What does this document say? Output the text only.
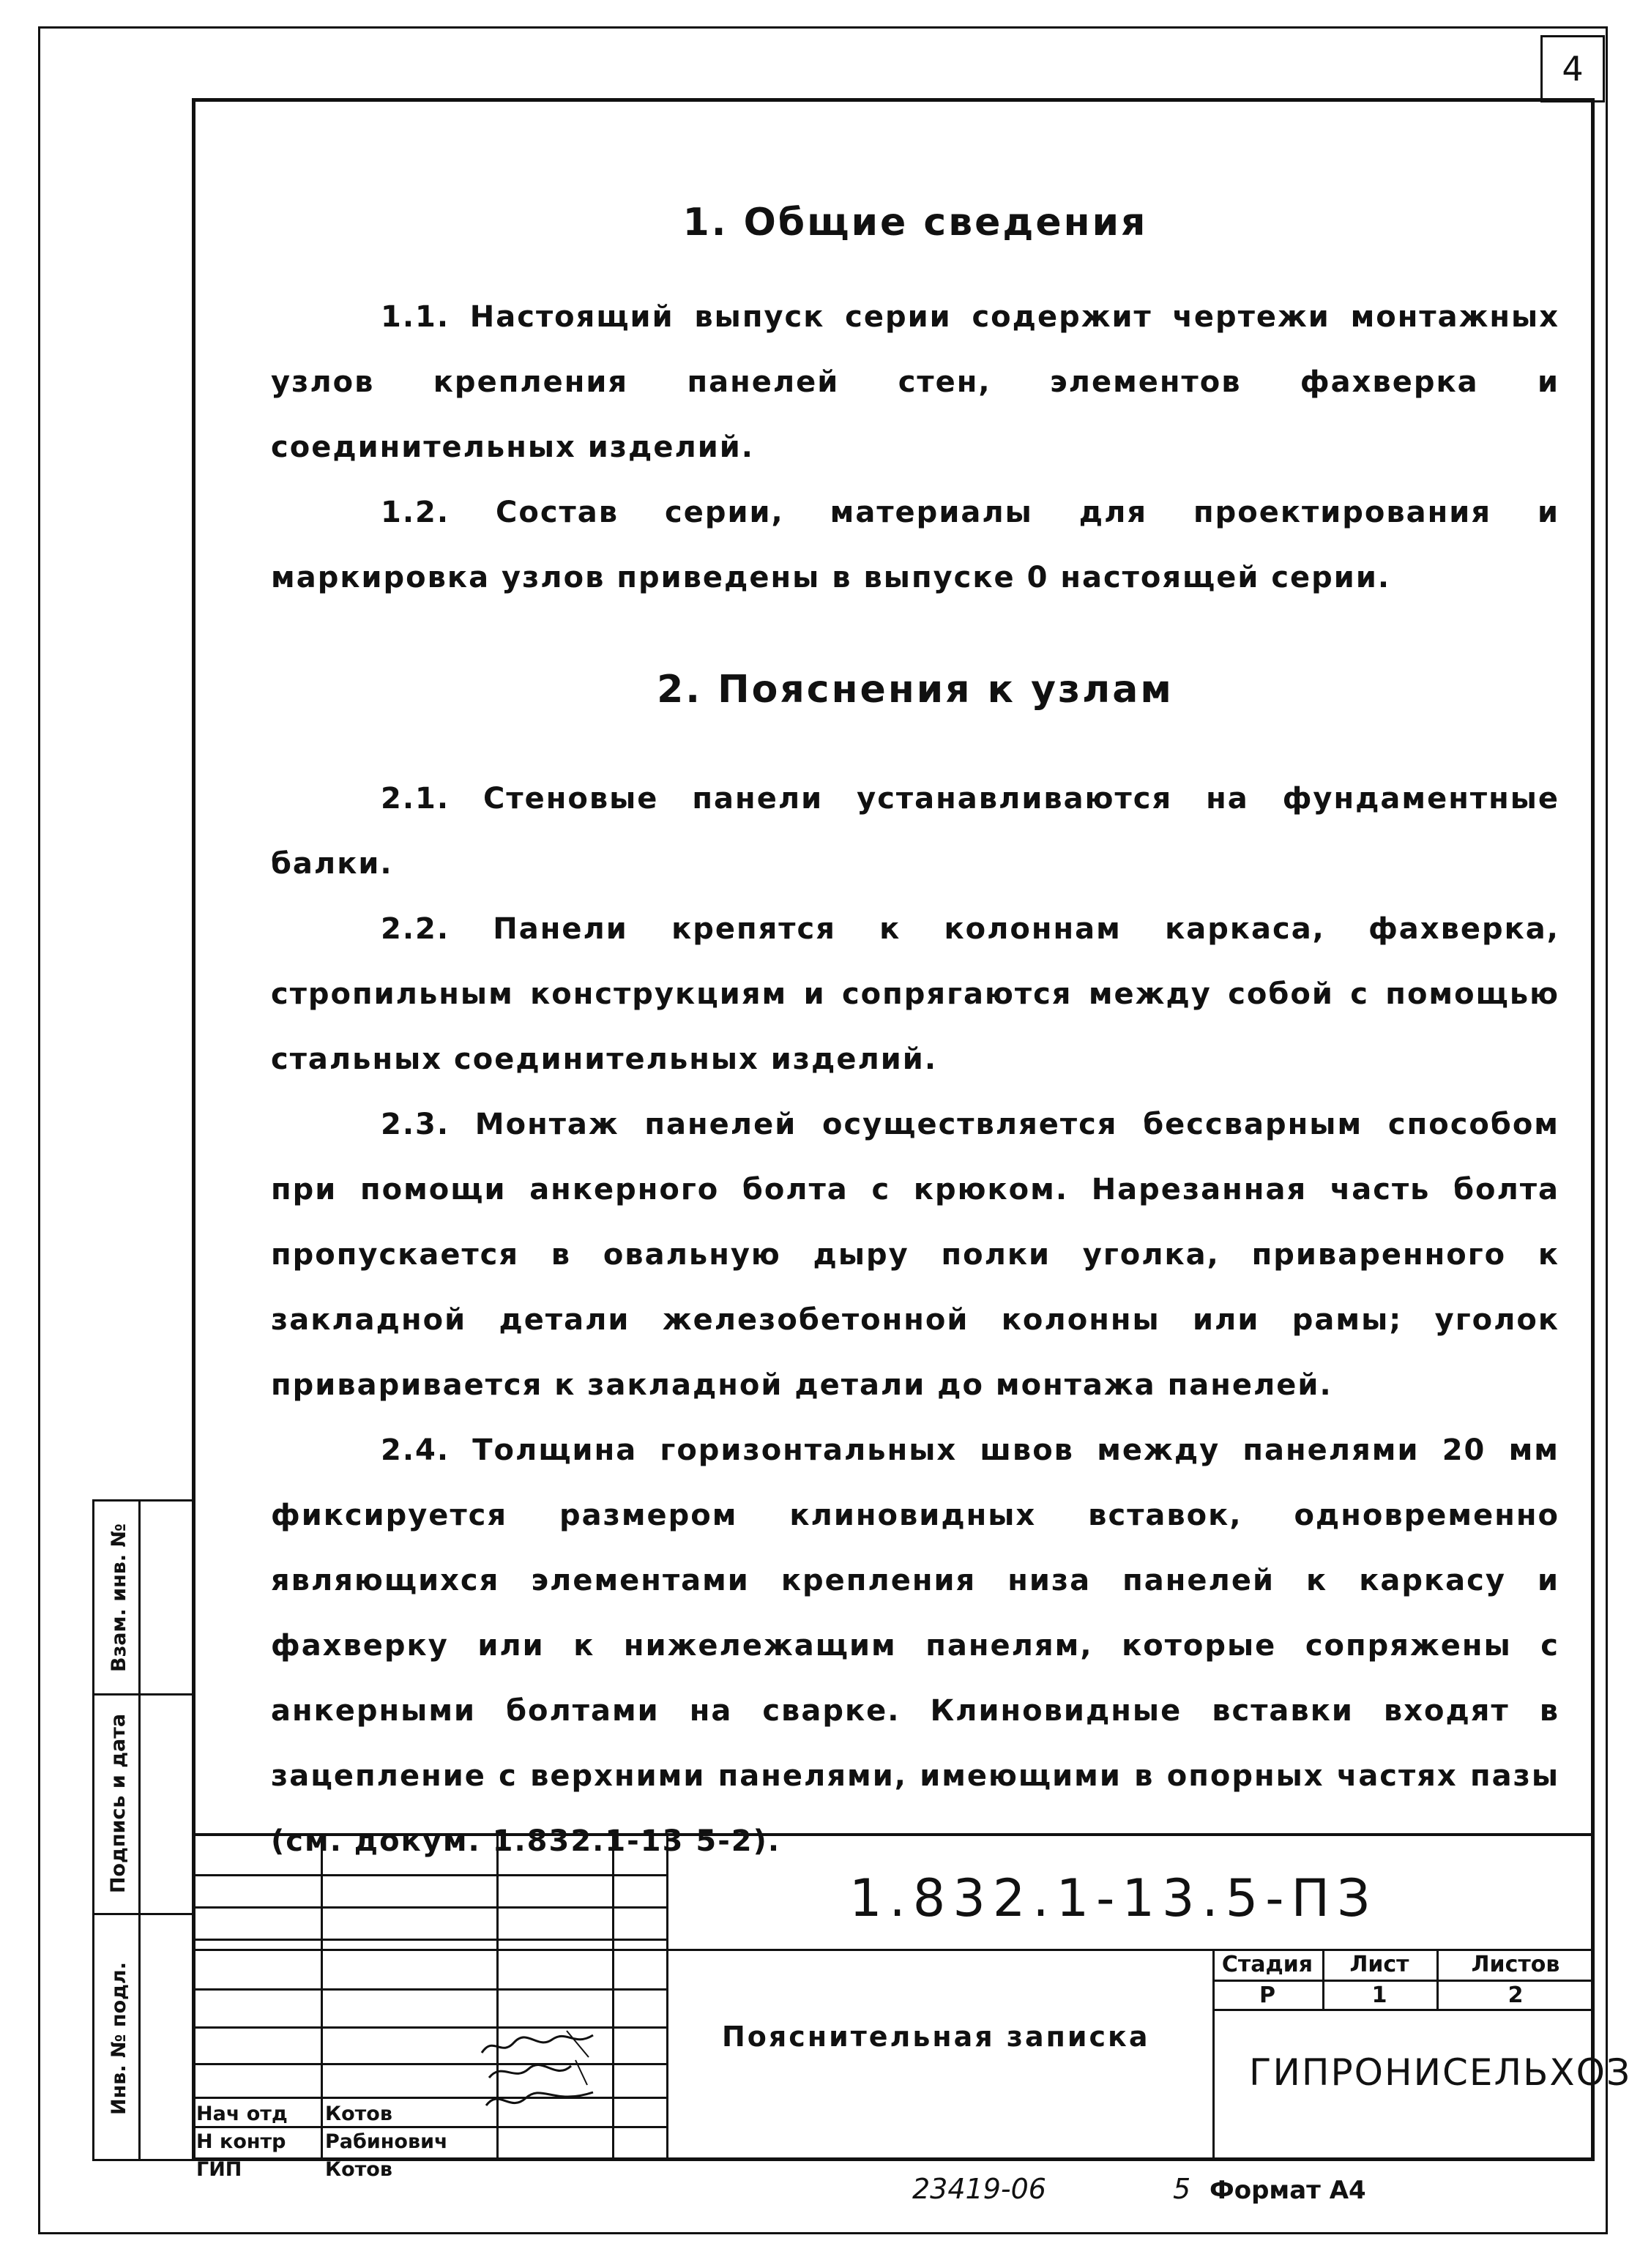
4
1. Общие сведения

1.1. Настоящий выпуск серии содержит чертежи монтажных узлов крепления панелей стен, элементов фахверка и соединительных изделий.

1.2. Состав серии, материалы для проектирования и маркировка узлов приведены в выпуске 0 настоящей серии.

2. Пояснения к узлам

2.1. Стеновые панели устанавливаются на фундаментные балки.

2.2. Панели крепятся к колоннам каркаса, фахверка, стропильным конструкциям и сопрягаются между собой с помощью стальных соединительных изделий.

2.3. Монтаж панелей осуществляется бессварным способом при помощи анкерного болта с крюком. Нарезанная часть болта пропускается в овальную дыру полки уголка, приваренного к закладной детали железобетонной колонны или рамы; уголок приваривается к закладной детали до монтажа панелей.

2.4. Толщина горизонтальных швов между панелями 20 мм фиксируется размером клиновидных вставок, одновременно являющихся элементами крепления низа панелей к каркасу и фахверку или к нижележащим панелям, которые сопряжены с анкерными болтами на сварке. Клиновидные вставки входят в зацепление с верхними панелями, имеющими в опорных частях пазы (см. докум. 1.832.1-13 5-2).

Взам. инв. №
Подпись и дата
Инв. № подл.	Нач отд Котов
Н контр Рабинович
ГИП	Котов
Стадия	Лист	Листов
Р	1	2
1.832.1-13.5-ПЗ
Пояснительная записка
ГИПРОНИСЕЛЬХОЗ
23419-06	5 Формат А4
